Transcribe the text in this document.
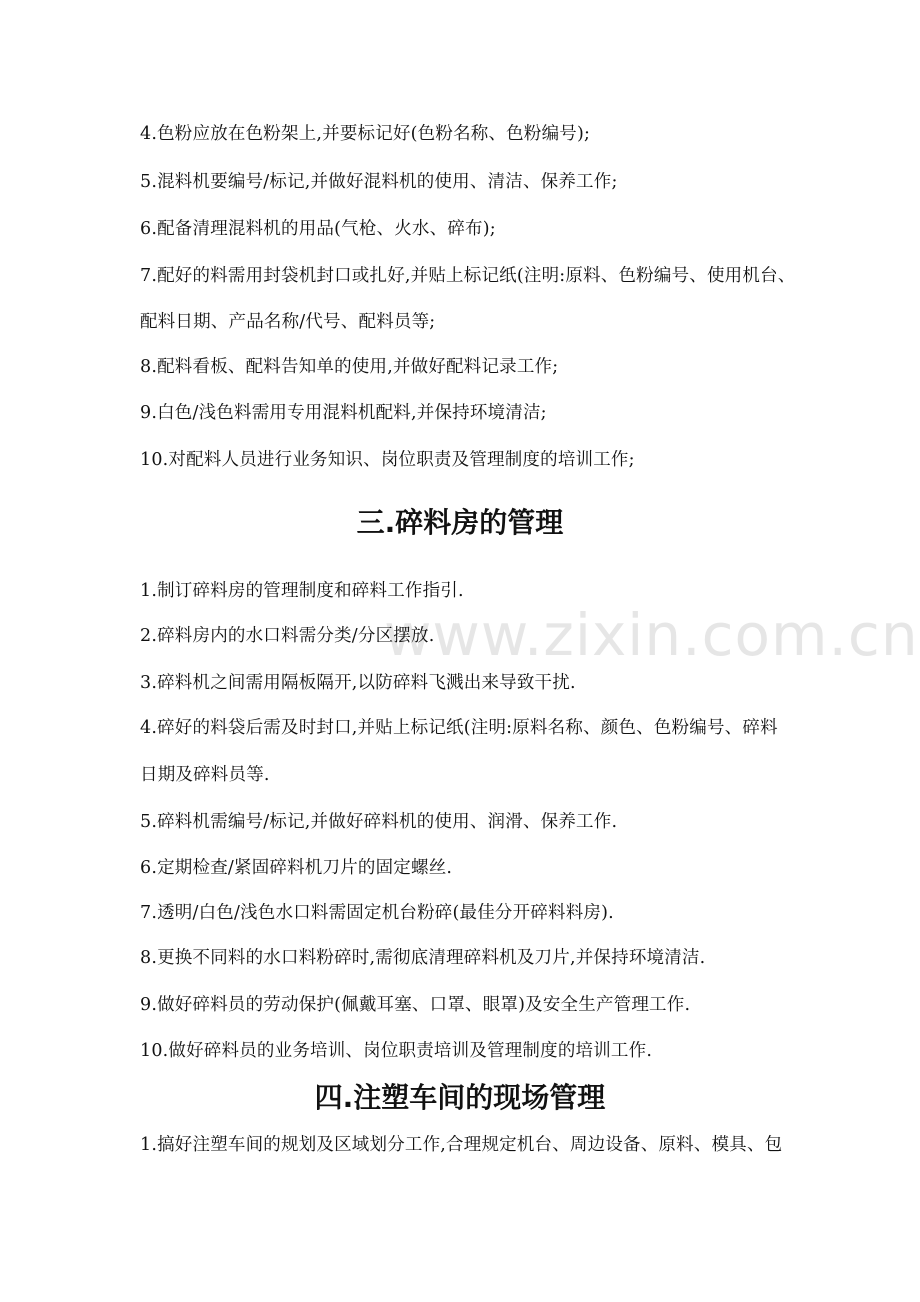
www.zixin.com.cn
4.色粉应放在色粉架上,并要标记好(色粉名称、色粉编号);
5.混料机要编号/标记,并做好混料机的使用、清洁、保养工作;
6.配备清理混料机的用品(气枪、火水、碎布);
7.配好的料需用封袋机封口或扎好,并贴上标记纸(注明:原料、色粉编号、使用机台、
配料日期、产品名称/代号、配料员等;
8.配料看板、配料告知单的使用,并做好配料记录工作;
9.白色/浅色料需用专用混料机配料,并保持环境清洁;
10.对配料人员进行业务知识、岗位职责及管理制度的培训工作;
三.碎料房的管理
1.制订碎料房的管理制度和碎料工作指引.
2.碎料房内的水口料需分类/分区摆放.
3.碎料机之间需用隔板隔开,以防碎料飞溅出来导致干扰.
4.碎好的料袋后需及时封口,并贴上标记纸(注明:原料名称、颜色、色粉编号、碎料
日期及碎料员等.
5.碎料机需编号/标记,并做好碎料机的使用、润滑、保养工作.
6.定期检查/紧固碎料机刀片的固定螺丝.
7.透明/白色/浅色水口料需固定机台粉碎(最佳分开碎料料房).
8.更换不同料的水口料粉碎时,需彻底清理碎料机及刀片,并保持环境清洁.
9.做好碎料员的劳动保护(佩戴耳塞、口罩、眼罩)及安全生产管理工作.
10.做好碎料员的业务培训、岗位职责培训及管理制度的培训工作.
四.注塑车间的现场管理
1.搞好注塑车间的规划及区域划分工作,合理规定机台、周边设备、原料、模具、包
